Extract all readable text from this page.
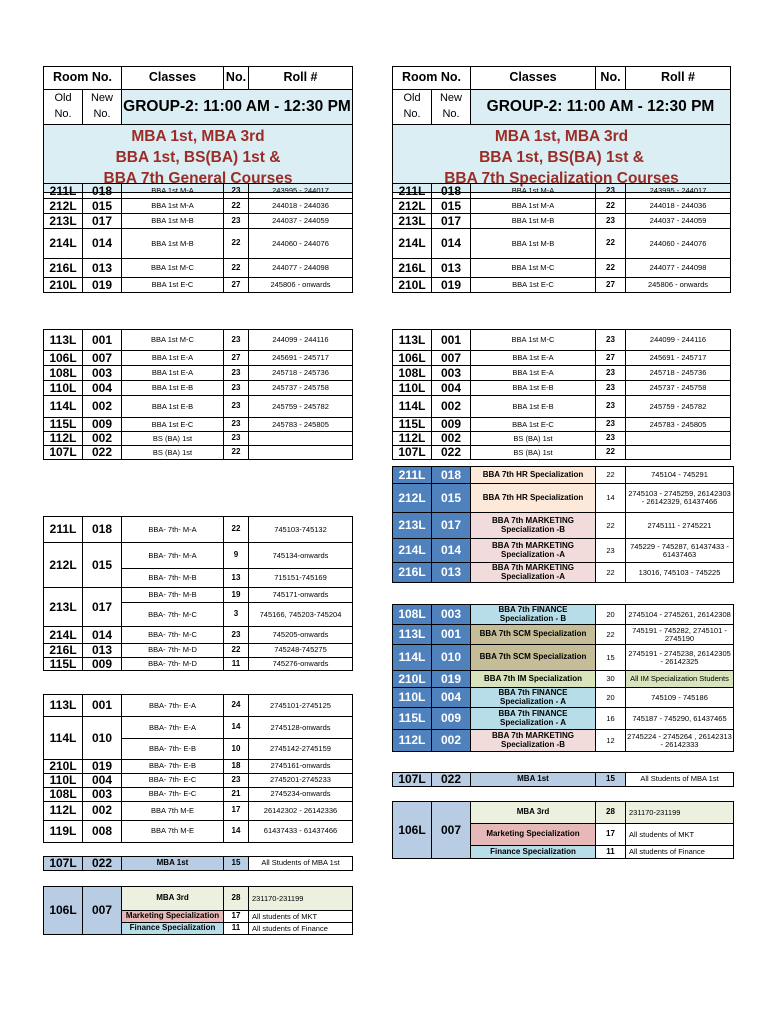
Room No.		Classes	No.	Roll #
Old No.	New No.	GROUP-2: 11:00 AM - 12:30 PM		

MBA 1st, MBA 3rd
BBA 1st, BS(BA) 1st &
BBA 7th General Courses				
Room No.		Classes	No.	Roll #
Old No.	New No.	GROUP-2: 11:00 AM - 12:30 PM		

MBA 1st, MBA 3rd
BBA 1st, BS(BA) 1st &
BBA 7th Specialization Courses				
211L	018	BBA 1st M-A	23	243995 - 244017
212L	015	BBA 1st M-A	22	244018 - 244036
213L	017	BBA 1st M-B	23	244037 - 244059
214L	014	BBA 1st M-B	22	244060 - 244076
216L	013	BBA 1st M-C	22	244077 - 244098
210L	019	BBA 1st E-C	27	245806 - onwards
211L	018	BBA 1st M-A	23	243995 - 244017
212L	015	BBA 1st M-A	22	244018 - 244036
213L	017	BBA 1st M-B	23	244037 - 244059
214L	014	BBA 1st M-B	22	244060 - 244076
216L	013	BBA 1st M-C	22	244077 - 244098
210L	019	BBA 1st E-C	27	245806 - onwards
113L	001	BBA 1st M-C	23	244099 - 244116
106L	007	BBA 1st E-A	27	245691 - 245717
108L	003	BBA 1st E-A	23	245718 - 245736
110L	004	BBA 1st E-B	23	245737 - 245758
114L	002	BBA 1st E-B	23	245759 - 245782
115L	009	BBA 1st E-C	23	245783 - 245805
112L	002	BS (BA) 1st	23	
107L	022	BS (BA) 1st	22	
113L	001	BBA 1st M-C	23	244099 - 244116
106L	007	BBA 1st E-A	27	245691 - 245717
108L	003	BBA 1st E-A	23	245718 - 245736
110L	004	BBA 1st E-B	23	245737 - 245758
114L	002	BBA 1st E-B	23	245759 - 245782
115L	009	BBA 1st E-C	23	245783 - 245805
112L	002	BS (BA) 1st	23	
107L	022	BS (BA) 1st	22	
211L	018	BBA- 7th- M-A	22	745103-745132
212L	015	BBA- 7th- M-A	9	745134-onwards
		BBA- 7th- M-B	13	715151-745169
213L	017	BBA- 7th- M-B	19	745171-onwards
		BBA- 7th- M-C	3	745166, 745203-745204
214L	014	BBA- 7th- M-C	23	745205-onwards
216L	013	BBA- 7th- M-D	22	745248-745275
115L	009	BBA- 7th- M-D	11	745276-onwards
113L	001	BBA- 7th- E-A	24	2745101-2745125
114L	010	BBA- 7th- E-A	14	2745128-onwards
		BBA- 7th- E-B	10	2745142-2745159
210L	019	BBA- 7th- E-B	18	2745161-onwards
110L	004	BBA- 7th- E-C	23	2745201-2745233
108L	003	BBA- 7th- E-C	21	2745234-onwards
112L	002	BBA 7th M-E	17	26142302 - 26142336
119L	008	BBA 7th M-E	14	61437433 - 61437466
107L	022	MBA 1st	15	All Students of MBA 1st
106L	007	MBA 3rd	28	231170-231199
		Marketing Specialization	17	All students of MKT
		Finance Specialization	11	All students of Finance
211L	018	BBA 7th HR Specialization	22	745104 - 745291
212L	015	BBA 7th HR Specialization	14	2745103 - 2745259, 26142303 - 26142329, 61437466
213L	017	BBA 7th MARKETING Specialization -B	22	2745111 - 2745221
214L	014	BBA 7th MARKETING Specialization -A	23	745229 - 745287, 61437433 - 61437463
216L	013	BBA 7th MARKETING Specialization -A	22	13016, 745103 - 745225
108L	003	BBA 7th FINANCE Specialization - B	20	2745104 - 2745261, 26142308
113L	001	BBA 7th SCM Specialization	22	745191 - 745282, 2745101 - 2745190
114L	010	BBA 7th SCM Specialization	15	2745191 - 2745238, 26142305 - 26142325
210L	019	BBA 7th IM Specialization	30	All IM Specialization Students
110L	004	BBA 7th FINANCE Specialization - A	20	745109 - 745186
115L	009	BBA 7th FINANCE Specialization - A	16	745187 - 745290, 61437465
112L	002	BBA 7th MARKETING Specialization -B	12	2745224 - 2745264 , 26142313 - 26142333
107L	022	MBA 1st	15	All Students of MBA 1st
106L	007	MBA 3rd	28	231170-231199
		Marketing Specialization	17	All students of MKT
		Finance Specialization	11	All students of Finance
